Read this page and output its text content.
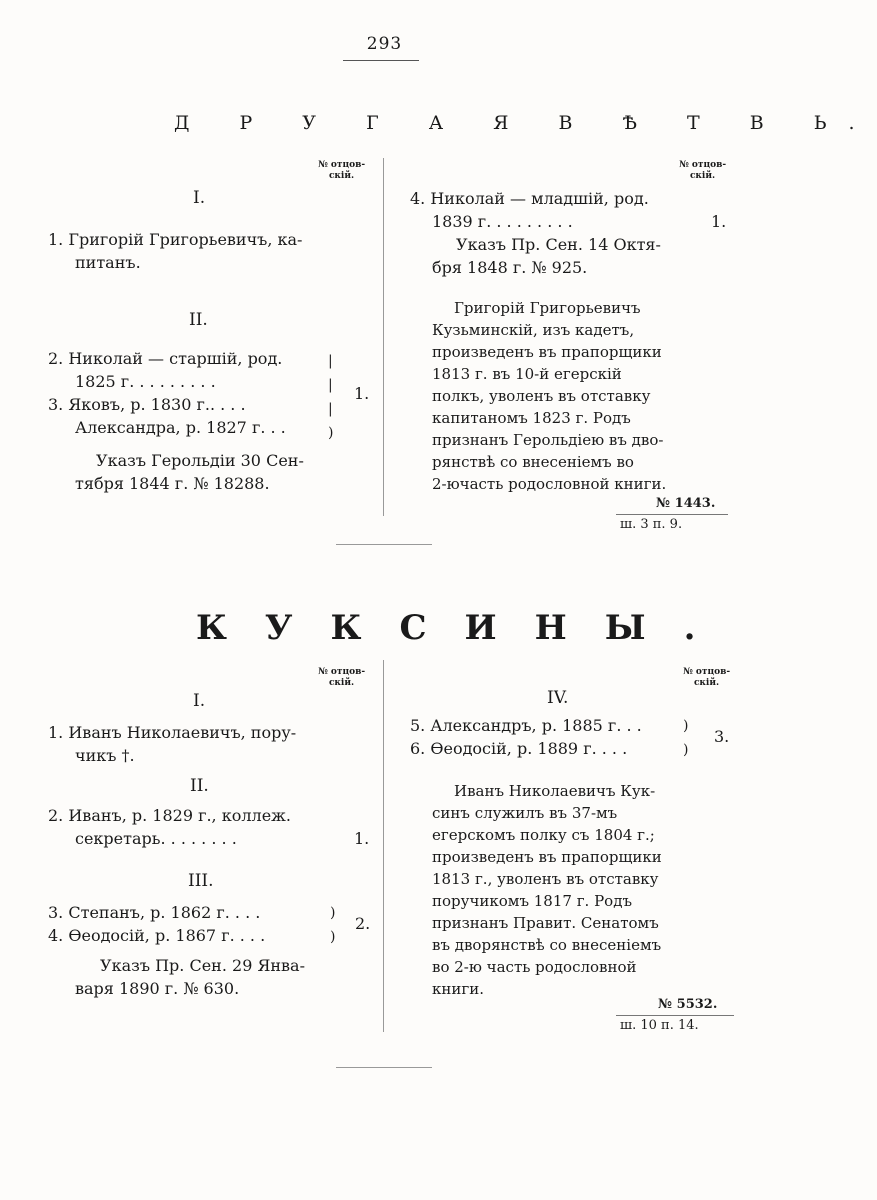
293
Д Р У Г А Я В Ѣ Т В Ь.
№ отцов-
скій.
№ отцов-
скій.
I.
1. Григорій Григорьевичъ, ка-
питанъ.
II.
2. Николай — старшій, род.
1825 г. . . . . . . . .
3. Яковъ, р. 1830 г.. . . .
Александра, р. 1827 г. . .
|
|
|
)
1.
Указъ Герольдіи 30 Сен-
тября 1844 г. № 18288.
4. Николай — младшій, род.
1839 г. . . . . . . . .	1.
Указъ Пр. Сен. 14 Октя-
бря 1848 г. № 925.
Григорій Григорьевичъ
Кузьминскій, изъ кадетъ,
произведенъ въ прапорщики
1813 г. въ 10-й егерскій
полкъ, уволенъ въ отставку
капитаномъ 1823 г. Родъ
признанъ Герольдіею въ дво-
рянствѣ со внесеніемъ во
2-ючасть родословной книги.
№ 1443.
ш. 3 п. 9.
КУКСИНЫ.
№ отцов-
скій.
№ отцов-
скій.
I.
1. Иванъ Николаевичъ, пору-
чикъ †.
II.
2. Иванъ, р. 1829 г., коллеж.
секретарь. . . . . . . .	1.
III.
3. Степанъ, р. 1862 г. . . .
4. Ѳеодосій, р. 1867 г. . . .
)
)
2.
Указъ Пр. Сен. 29 Янва-
варя 1890 г. № 630.
IV.
5. Александръ, р. 1885 г. . .
6. Ѳеодосій, р. 1889 г. . . .
)
)
3.
Иванъ Николаевичъ Кук-
синъ служилъ въ 37-мъ
егерскомъ полку съ 1804 г.;
произведенъ въ прапорщики
1813 г., уволенъ въ отставку
поручикомъ 1817 г. Родъ
признанъ Правит. Сенатомъ
въ дворянствѣ со внесеніемъ
во 2-ю часть родословной
книги.
№ 5532.
ш. 10 п. 14.
